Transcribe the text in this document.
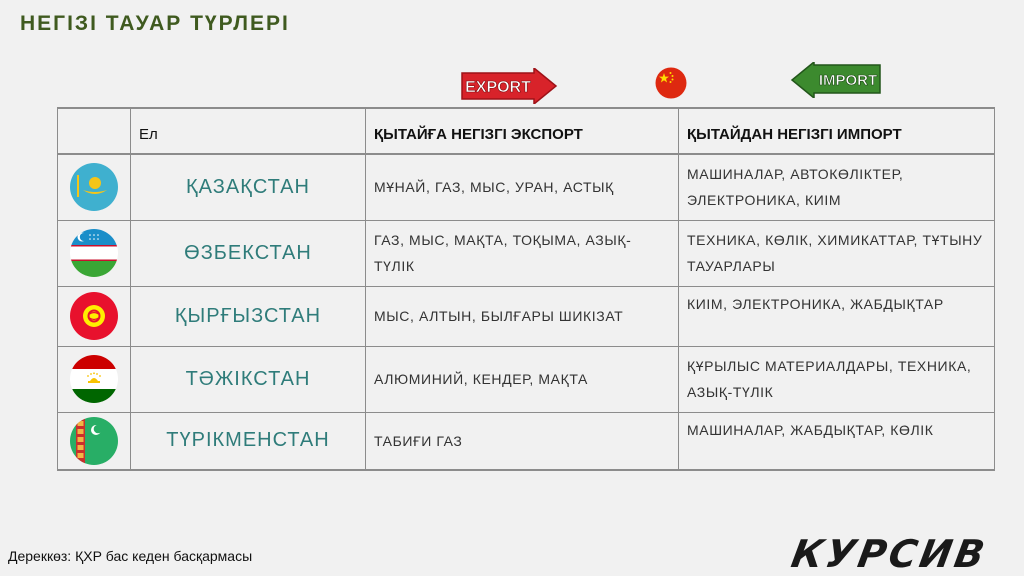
НЕГІЗІ ТАУАР ТҮРЛЕРІ
EXPORT	IMPORT
	Ел	ҚЫТАЙҒА НЕГІЗГІ ЭКСПОРТ	ҚЫТАЙДАН НЕГІЗГІ ИМПОРТ

	ҚАЗАҚСТАН	МҰНАЙ, ГАЗ, МЫС, УРАН, АСТЫҚ	МАШИНАЛАР, АВТОКӨЛІКТЕР, ЭЛЕКТРОНИКА, КИІМ

	ӨЗБЕКСТАН	ГАЗ, МЫС, МАҚТА, ТОҚЫМА, АЗЫҚ-ТҮЛІК	ТЕХНИКА, КӨЛІК, ХИМИКАТТАР, ТҰТЫНУ ТАУАРЛАРЫ

	ҚЫРҒЫЗСТАН	МЫС, АЛТЫН, БЫЛҒАРЫ ШИКІЗАТ	КИІМ, ЭЛЕКТРОНИКА, ЖАБДЫҚТАР

	ТӘЖІКСТАН	АЛЮМИНИЙ, КЕНДЕР, МАҚТА	ҚҰРЫЛЫС МАТЕРИАЛДАРЫ, ТЕХНИКА, АЗЫҚ-ТҮЛІК

	ТҮРІКМЕНСТАН	ТАБИҒИ ГАЗ	МАШИНАЛАР, ЖАБДЫҚТАР, КӨЛІК
Дереккөз: ҚХР бас кеден басқармасы	КУРСИВ
